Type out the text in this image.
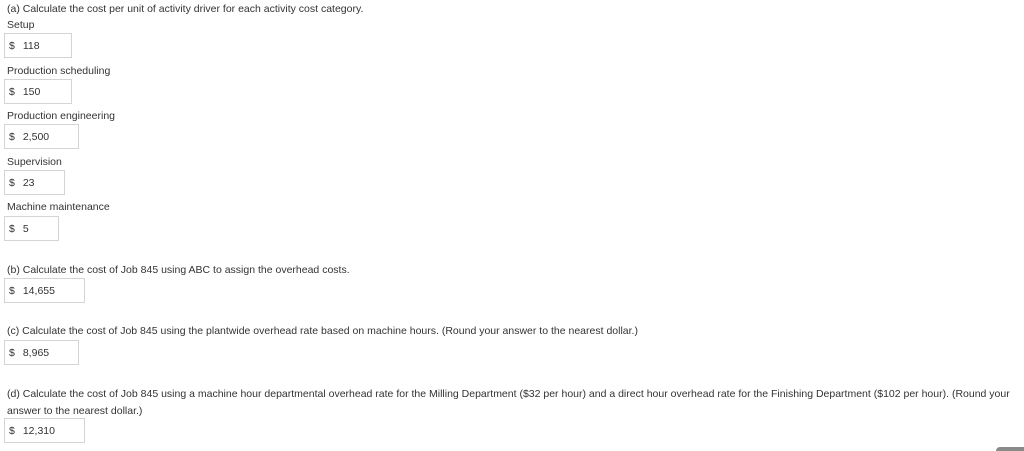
(a) Calculate the cost per unit of activity driver for each activity cost category.
Setup
$ 118
Production scheduling
$ 150
Production engineering
$ 2,500
Supervision
$ 23
Machine maintenance
$ 5
(b) Calculate the cost of Job 845 using ABC to assign the overhead costs.
$ 14,655
(c) Calculate the cost of Job 845 using the plantwide overhead rate based on machine hours. (Round your answer to the nearest dollar.)
$ 8,965
(d) Calculate the cost of Job 845 using a machine hour departmental overhead rate for the Milling Department ($32 per hour) and a direct hour overhead rate for the Finishing Department ($102 per hour). (Round your answer to the nearest dollar.)
$ 12,310
